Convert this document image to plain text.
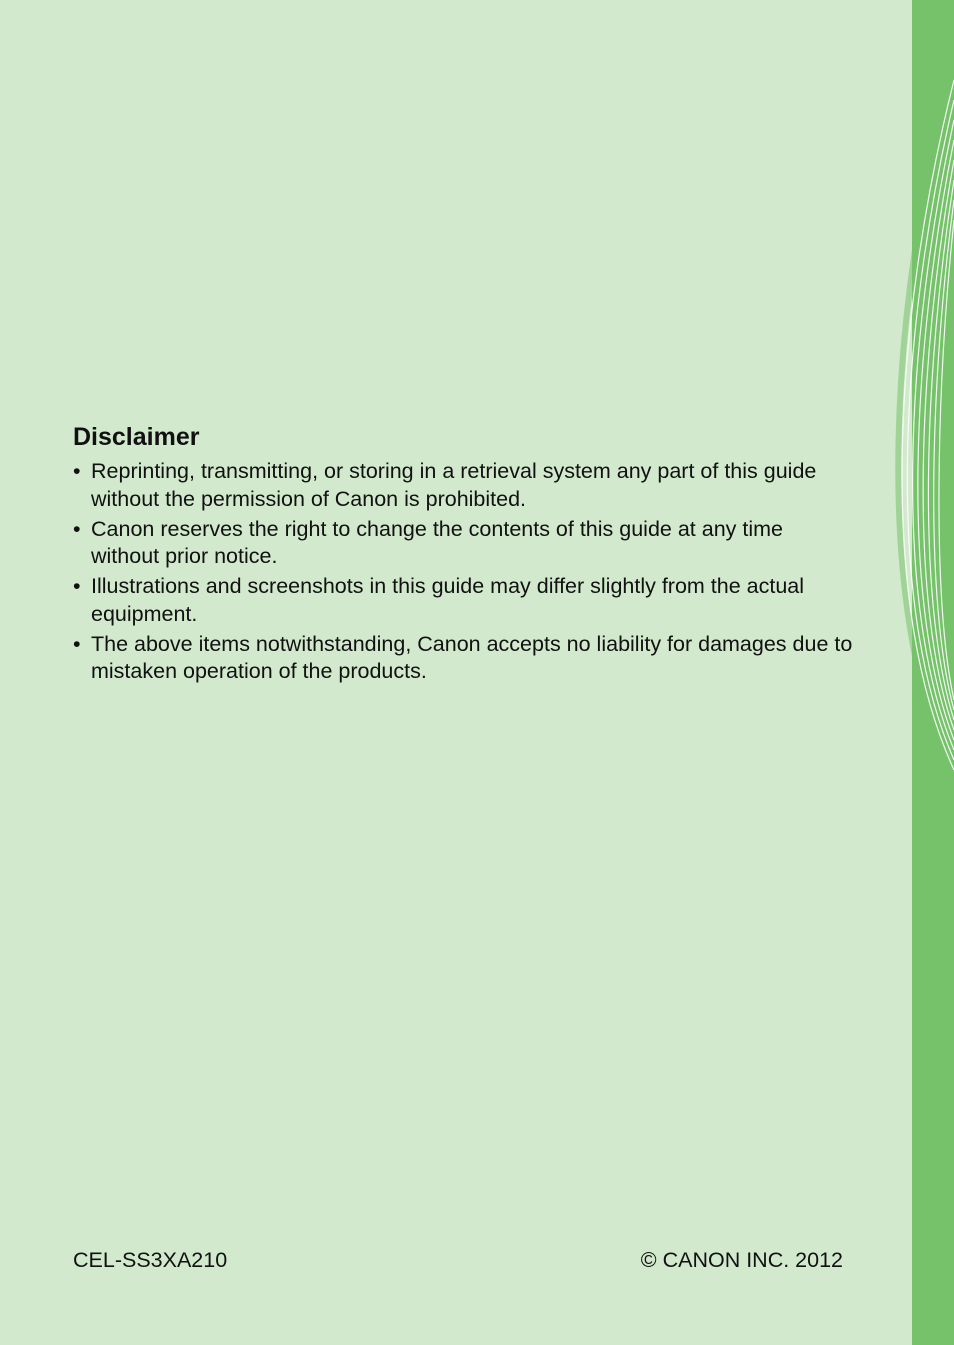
Disclaimer
• Reprinting, transmitting, or storing in a retrieval system any part of this guide without the permission of Canon is prohibited.
• Canon reserves the right to change the contents of this guide at any time without prior notice.
• Illustrations and screenshots in this guide may differ slightly from the actual equipment.
• The above items notwithstanding, Canon accepts no liability for damages due to mistaken operation of the products.
CEL-SS3XA210	© CANON INC. 2012
